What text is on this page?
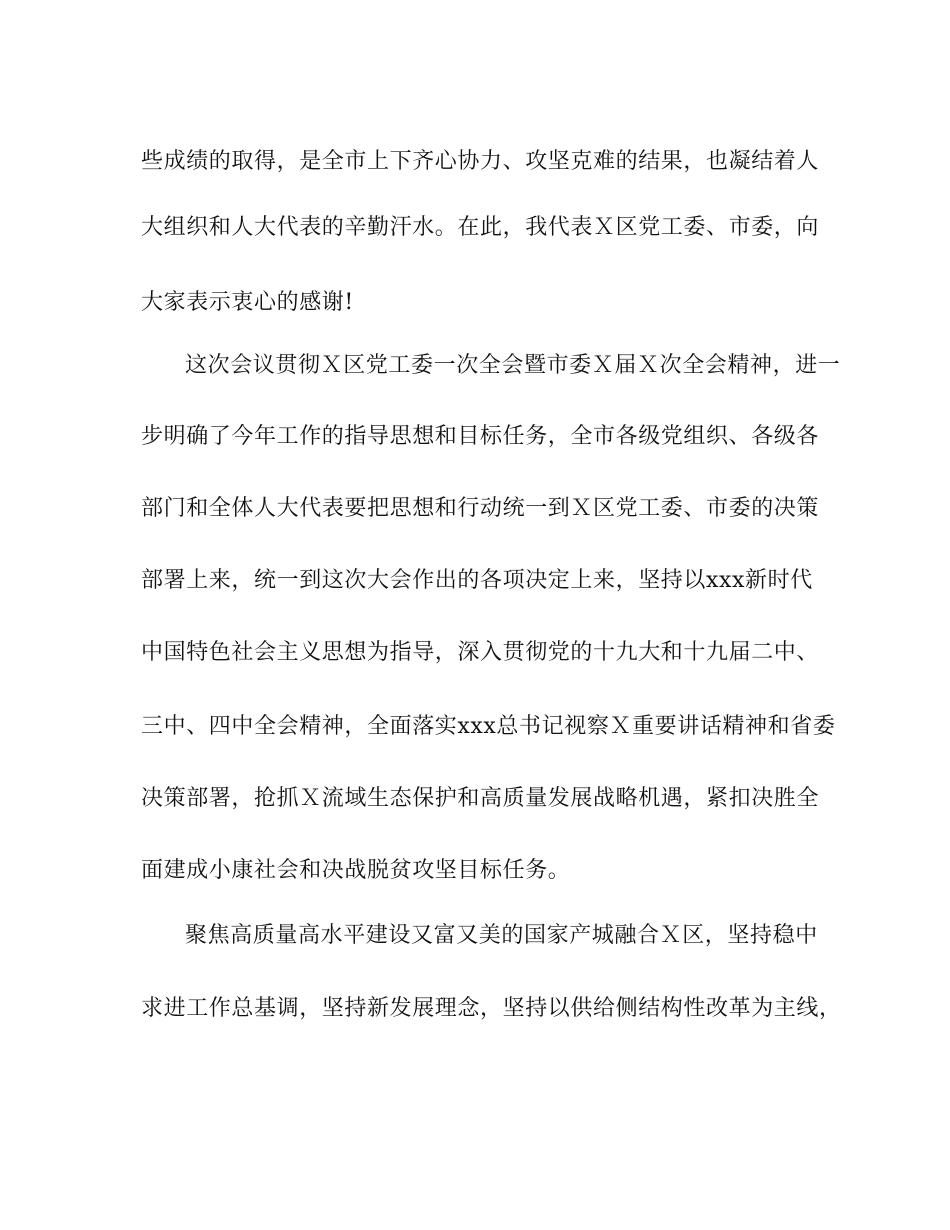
些成绩的取得，是全市上下齐心协力、攻坚克难的结果，也凝结着人
大组织和人大代表的辛勤汗水。在此，我代表Ｘ区党工委、市委，向
大家表示衷心的感谢!
这次会议贯彻Ｘ区党工委一次全会暨市委Ｘ届Ｘ次全会精神，进一
步明确了今年工作的指导思想和目标任务，全市各级党组织、各级各
部门和全体人大代表要把思想和行动统一到Ｘ区党工委、市委的决策
部署上来，统一到这次大会作出的各项决定上来，坚持以xxx新时代
中国特色社会主义思想为指导，深入贯彻党的十九大和十九届二中、
三中、四中全会精神，全面落实xxx总书记视察Ｘ重要讲话精神和省委
决策部署，抢抓Ｘ流域生态保护和高质量发展战略机遇，紧扣决胜全
面建成小康社会和决战脱贫攻坚目标任务。
聚焦高质量高水平建设又富又美的国家产城融合Ｘ区，坚持稳中
求进工作总基调，坚持新发展理念，坚持以供给侧结构性改革为主线，
